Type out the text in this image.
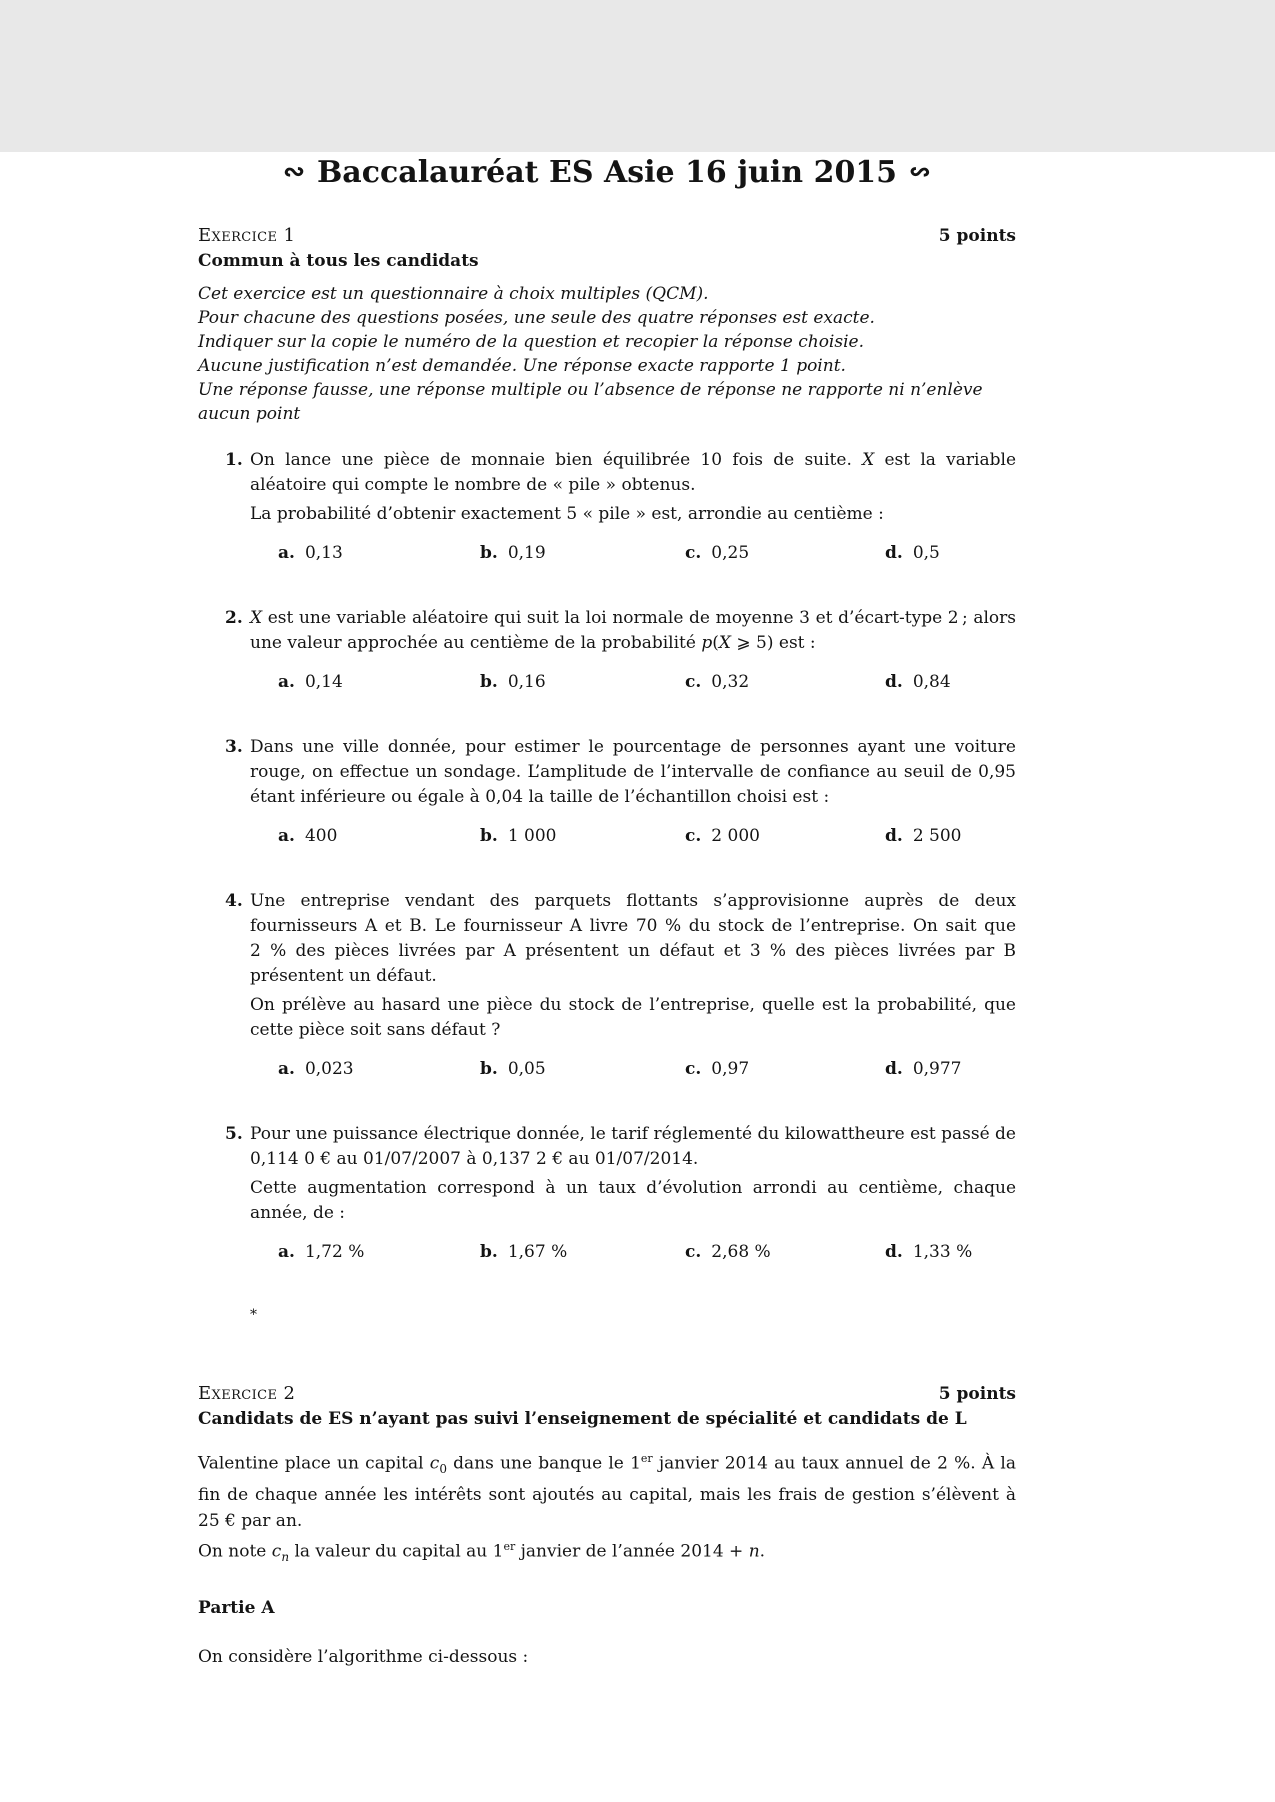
∾ Baccalauréat ES Asie 16 juin 2015 ∾
Exercice 1	5 points
Commun à tous les candidats

Cet exercice est un questionnaire à choix multiples (QCM).

Pour chacune des questions posées, une seule des quatre réponses est exacte.

Indiquer sur la copie le numéro de la question et recopier la réponse choisie.

Aucune justification n’est demandée. Une réponse exacte rapporte 1 point.

Une réponse fausse, une réponse multiple ou l’absence de réponse ne rapporte ni n’enlève aucun point

1. On lance une pièce de monnaie bien équilibrée 10 fois de suite. X est la variable aléatoire qui compte le nombre de « pile » obtenus.

La probabilité d’obtenir exactement 5 « pile » est, arrondie au centième :

a. 0,13	b. 0,19	c. 0,25	d. 0,5
2. X est une variable aléatoire qui suit la loi normale de moyenne 3 et d’écart-type 2 ; alors une valeur approchée au centième de la probabilité p(X ⩾ 5) est :

a. 0,14	b. 0,16	c. 0,32	d. 0,84
3. Dans une ville donnée, pour estimer le pourcentage de personnes ayant une voiture rouge, on effectue un sondage. L’amplitude de l’intervalle de confiance au seuil de 0,95 étant inférieure ou égale à 0,04 la taille de l’échantillon choisi est :

a. 400	b. 1 000	c. 2 000	d. 2 500
4. Une entreprise vendant des parquets flottants s’approvisionne auprès de deux fournisseurs A et B. Le fournisseur A livre 70 % du stock de l’entreprise. On sait que 2 % des pièces livrées par A présentent un défaut et 3 % des pièces livrées par B présentent un défaut.

On prélève au hasard une pièce du stock de l’entreprise, quelle est la probabilité, que cette pièce soit sans défaut ?

a. 0,023	b. 0,05	c. 0,97	d. 0,977
5. Pour une puissance électrique donnée, le tarif réglementé du kilowattheure est passé de 0,114 0 € au 01/07/2007 à 0,137 2 € au 01/07/2014.

Cette augmentation correspond à un taux d’évolution arrondi au centième, chaque année, de :

a. 1,72 %	b. 1,67 %	c. 2,68 %	d. 1,33 %
*
Exercice 2	5 points
Candidats de ES n’ayant pas suivi l’enseignement de spécialité et candidats de L

Valentine place un capital $c_0$ dans une banque le 1er janvier 2014 au taux annuel de 2 %. À la fin de chaque année les intérêts sont ajoutés au capital, mais les frais de gestion s’élèvent à 25 € par an.

On note $c_n$ la valeur du capital au 1er janvier de l’année 2014 + n.

Partie A

On considère l’algorithme ci-dessous :
